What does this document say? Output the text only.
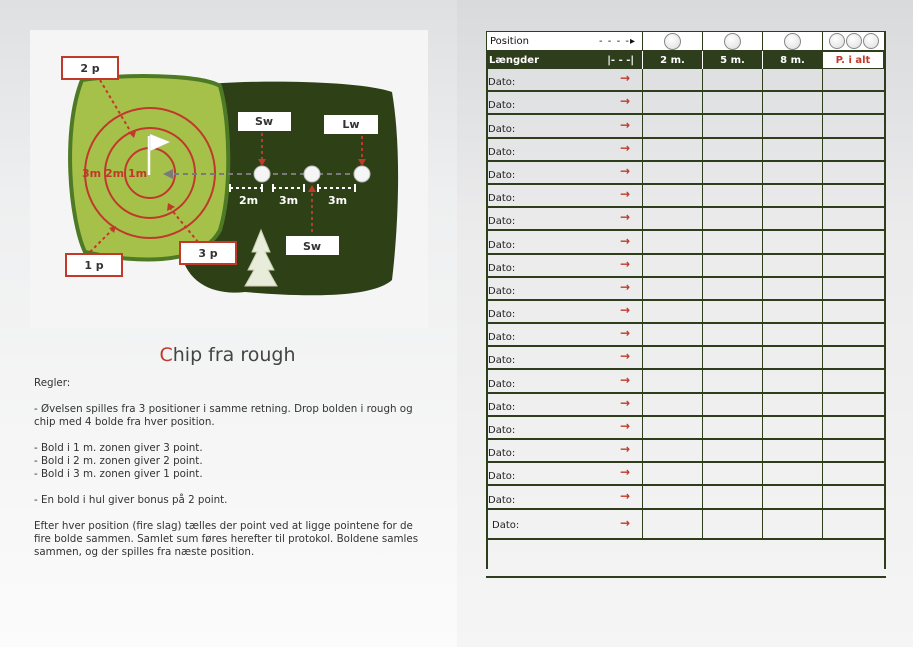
3m 2m 1m
2m 3m	3m
2 p
1 p
3 p
Sw	Lw
Sw
Chip fra rough

Regler:

- Øvelsen spilles fra 3 positioner i samme retning. Drop bolden i rough og chip med 4 bolde fra hver position.

- Bold i 1 m. zonen giver 3 point.

- Bold i 2 m. zonen giver 2 point.

- Bold i 3 m. zonen giver 1 point.

- En bold i hul giver bonus på 2 point.

Efter hver position (fire slag) tælles der point ved at ligge pointene for de fire bolde sammen. Samlet sum føres herefter til protokol. Boldene samles sammen, og der spilles fra næste position.

Position	- - - -▸
Længder	|- - -|	2 m.	5 m.	8 m.	P. i alt
Dato:	→
Dato:	→
Dato:	→
Dato:	→
Dato:	→
Dato:	→
Dato:	→
Dato:	→
Dato:	→
Dato:	→
Dato:	→
Dato:	→
Dato:	→
Dato:	→
Dato:	→
Dato:	→
Dato:	→
Dato:	→
Dato:	→
Dato:	→
